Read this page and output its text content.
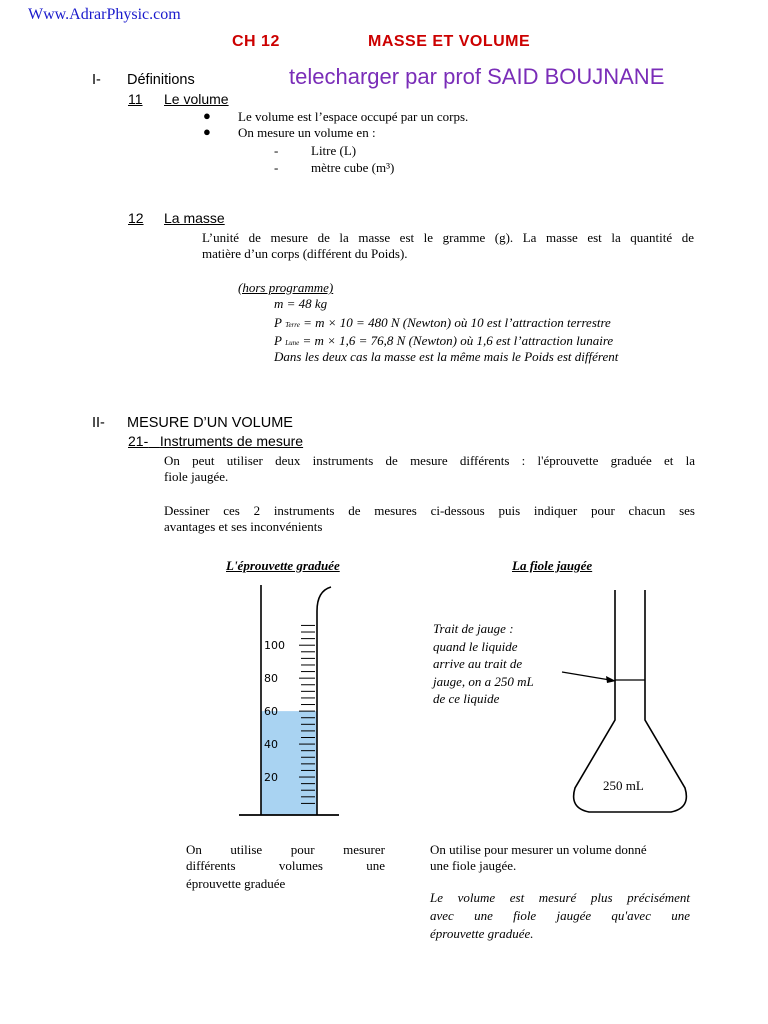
Www.AdrarPhysic.com
CH 12	MASSE ET VOLUME
telecharger par prof SAID BOUJNANE
I- Définitions
11 Le volume
● Le volume est l’espace occupé par un corps.
● On mesure un volume en :
-	Litre (L)
-	mètre cube (m³)
12 La masse
L’unité de mesure de la masse est le gramme (g). La masse est la quantité de
matière d’un corps (différent du Poids).
(hors programme)
m = 48 kg
P Terre = m × 10 = 480 N (Newton) où 10 est l’attraction terrestre
P Lune = m × 1,6 = 76,8 N (Newton) où 1,6 est l’attraction lunaire
Dans les deux cas la masse est la même mais le Poids est différent
II- MESURE D’UN VOLUME
21- Instruments de mesure
On peut utiliser deux instruments de mesure différents : l'éprouvette graduée et la
fiole jaugée.
Dessiner ces 2 instruments de mesures ci-dessous puis indiquer pour chacun ses
avantages et ses inconvénients
L'éprouvette graduée	La fiole jaugée
100
80
60
40
20
Trait de jauge :
quand le liquide
arrive au trait de
jauge, on a 250 mL
de ce liquide
250 mL
On utilise pour mesurer
différents volumes une
éprouvette graduée
On utilise pour mesurer un volume donné
une fiole jaugée.
Le volume est mesuré plus précisément
avec une fiole jaugée qu'avec une
éprouvette graduée.
